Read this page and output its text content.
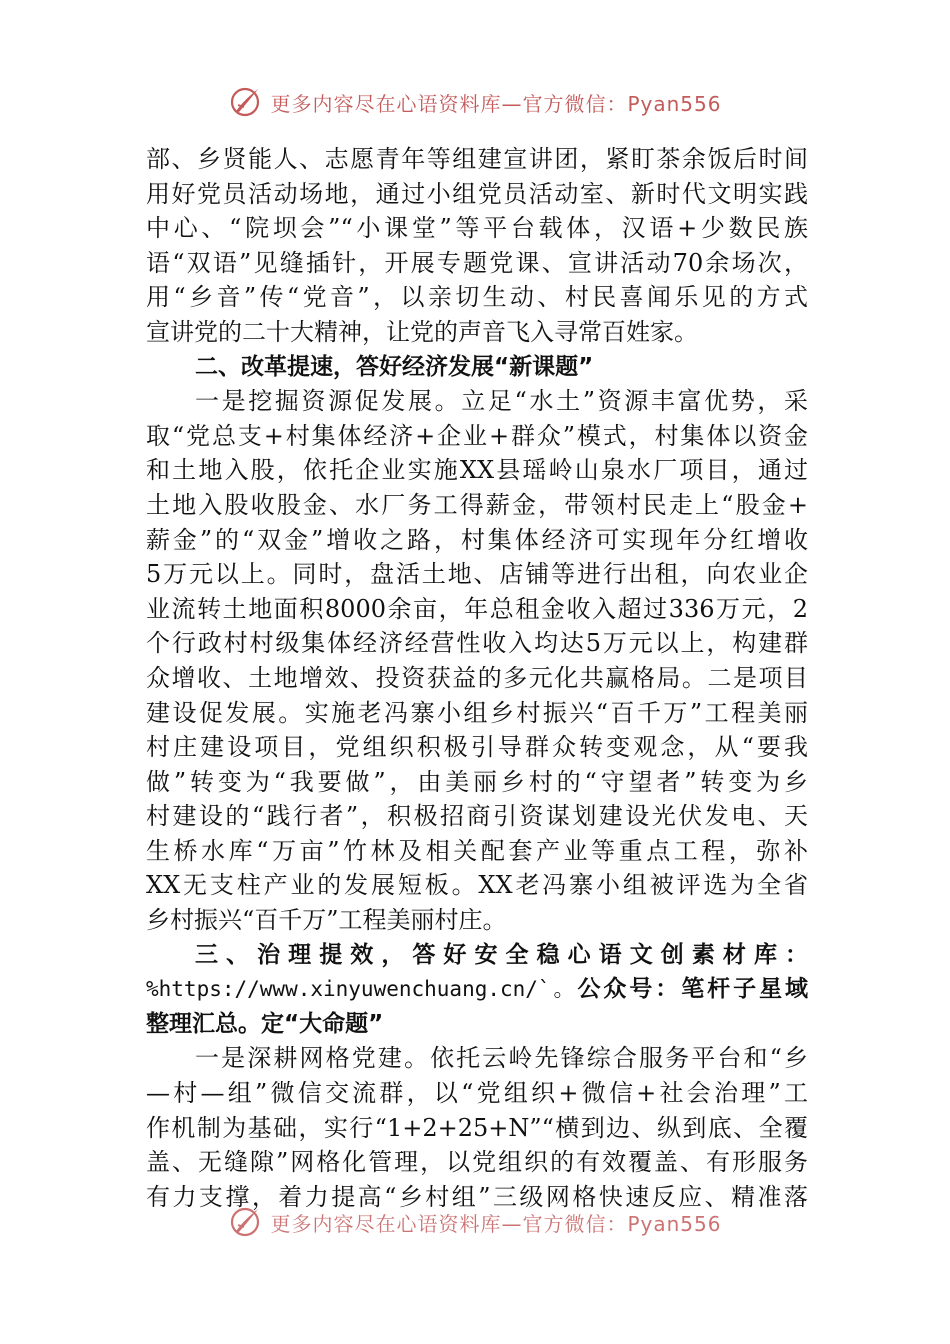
更多内容尽在心语资料库—官方微信：Pyan556
部、乡贤能人、志愿青年等组建宣讲团，紧盯茶余饭后时间
用好党员活动场地，通过小组党员活动室、新时代文明实践
中心、“院坝会”“小课堂”等平台载体，汉语+少数民族
语“双语”见缝插针，开展专题党课、宣讲活动70余场次，
用“乡音”传“党音”，以亲切生动、村民喜闻乐见的方式
宣讲党的二十大精神，让党的声音飞入寻常百姓家。
二、改革提速，答好经济发展“新课题”
一是挖掘资源促发展。立足“水土”资源丰富优势，采
取“党总支+村集体经济+企业+群众”模式，村集体以资金
和土地入股，依托企业实施XX县瑶岭山泉水厂项目，通过
土地入股收股金、水厂务工得薪金，带领村民走上“股金+
薪金”的“双金”增收之路，村集体经济可实现年分红增收
5万元以上。同时，盘活土地、店铺等进行出租，向农业企
业流转土地面积8000余亩，年总租金收入超过336万元，2
个行政村村级集体经济经营性收入均达5万元以上，构建群
众增收、土地增效、投资获益的多元化共赢格局。二是项目
建设促发展。实施老冯寨小组乡村振兴“百千万”工程美丽
村庄建设项目，党组织积极引导群众转变观念，从“要我
做”转变为“我要做”，由美丽乡村的“守望者”转变为乡
村建设的“践行者”，积极招商引资谋划建设光伏发电、天
生桥水库“万亩”竹林及相关配套产业等重点工程，弥补
XX无支柱产业的发展短板。XX老冯寨小组被评选为全省
乡村振兴“百千万”工程美丽村庄。
三、治理提效，答好安全稳心语文创素材库：
%https://www.xinyuwenchuang.cn/`。公众号：笔杆子星域
整理汇总。定“大命题”
一是深耕网格党建。依托云岭先锋综合服务平台和“乡
—村—组”微信交流群，以“党组织+微信+社会治理”工
作机制为基础，实行“1+2+25+N”“横到边、纵到底、全覆
盖、无缝隙”网格化管理，以党组织的有效覆盖、有形服务
有力支撑，着力提高“乡村组”三级网格快速反应、精准落
更多内容尽在心语资料库—官方微信：Pyan556
